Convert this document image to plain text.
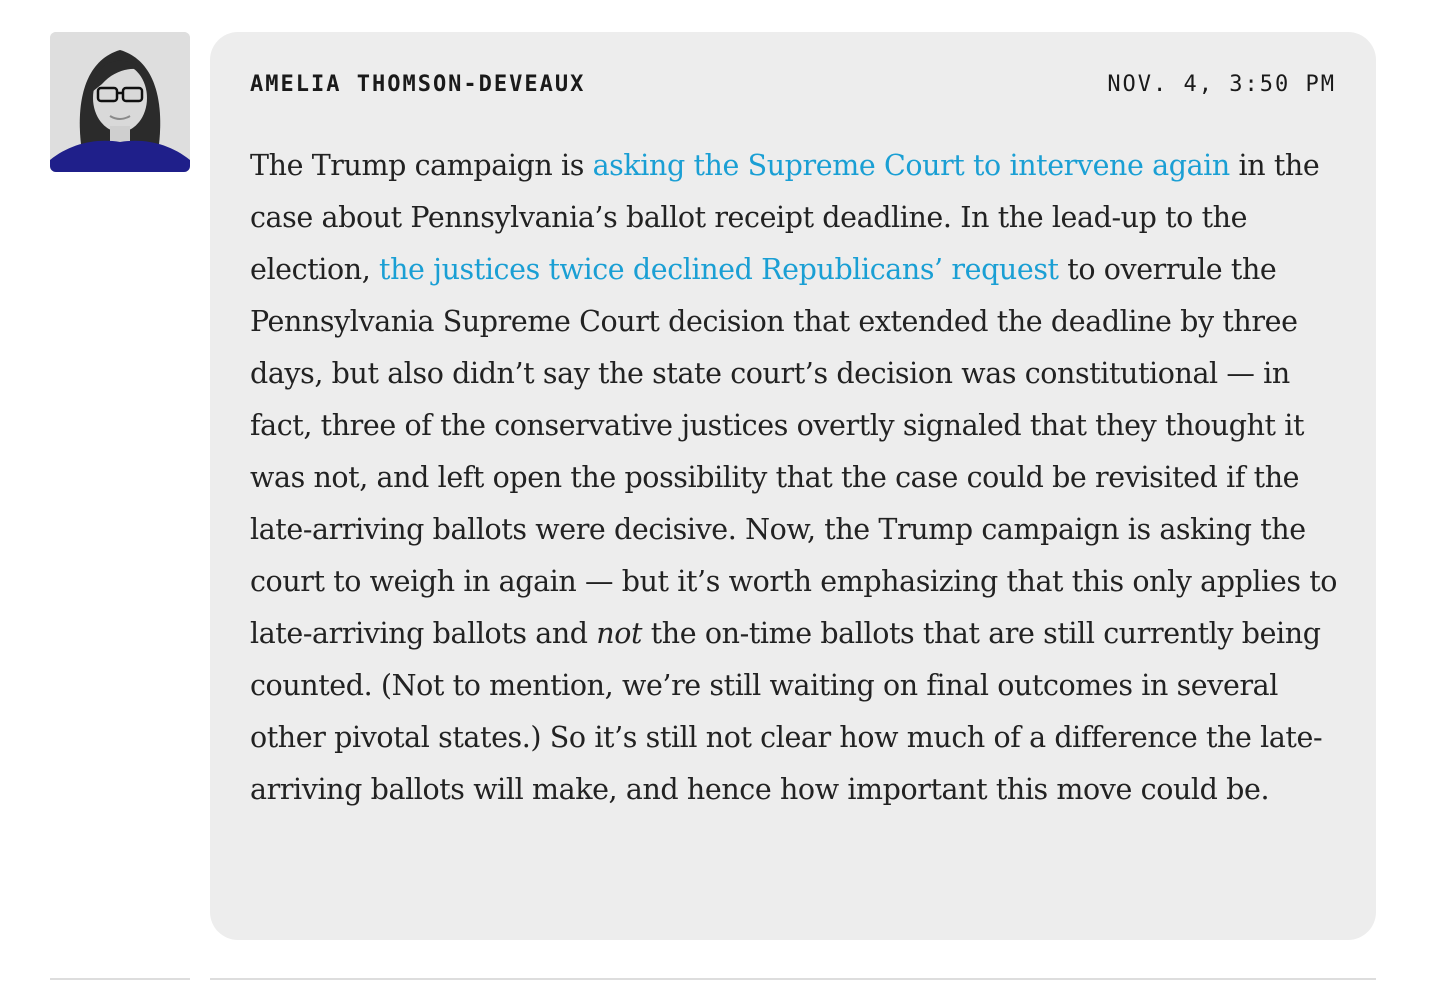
AMELIA THOMSON-DEVEAUX	NOV. 4, 3:50 PM

The Trump campaign is asking the Supreme Court to intervene again in the case about Pennsylvania’s ballot receipt deadline. In the lead-up to the election, the justices twice declined Republicans’ request to overrule the Pennsylvania Supreme Court decision that extended the deadline by three days, but also didn’t say the state court’s decision was constitutional — in fact, three of the conservative justices overtly signaled that they thought it was not, and left open the possibility that the case could be revisited if the late-arriving ballots were decisive. Now, the Trump campaign is asking the court to weigh in again — but it’s worth emphasizing that this only applies to late-arriving ballots and not the on-time ballots that are still currently being counted. (Not to mention, we’re still waiting on final outcomes in several other pivotal states.) So it’s still not clear how much of a difference the late-arriving ballots will make, and hence how important this move could be.
